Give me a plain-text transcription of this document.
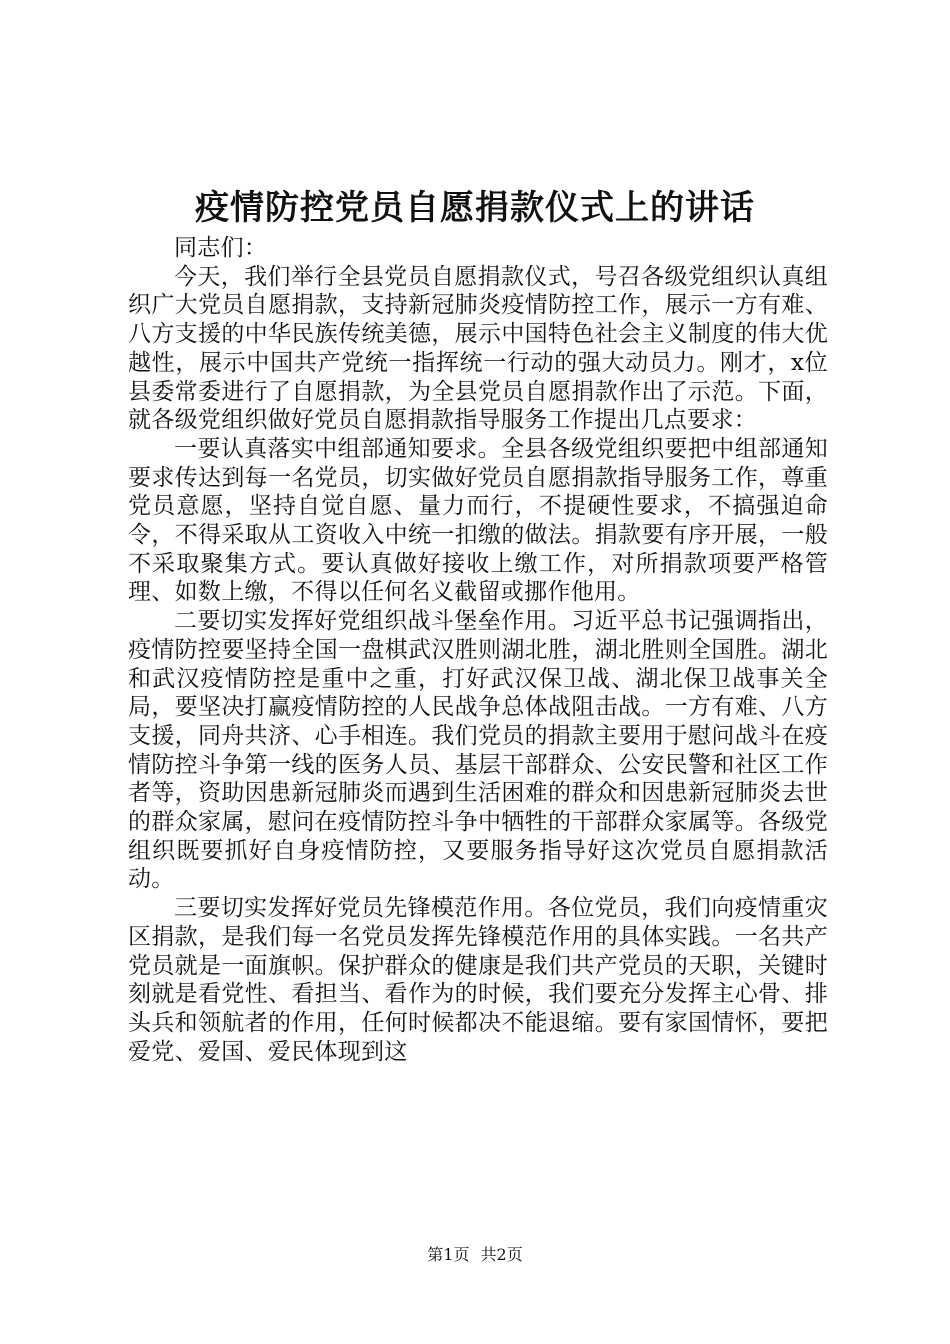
疫情防控党员自愿捐款仪式上的讲话

同志们：

今天，我们举行全县党员自愿捐款仪式，号召各级党组织认真组织广大党员自愿捐款，支持新冠肺炎疫情防控工作，展示一方有难、八方支援的中华民族传统美德，展示中国特色社会主义制度的伟大优越性，展示中国共产党统一指挥统一行动的强大动员力。刚才，x位县委常委进行了自愿捐款，为全县党员自愿捐款作出了示范。下面，就各级党组织做好党员自愿捐款指导服务工作提出几点要求：

一要认真落实中组部通知要求。全县各级党组织要把中组部通知要求传达到每一名党员，切实做好党员自愿捐款指导服务工作，尊重党员意愿，坚持自觉自愿、量力而行，不提硬性要求，不搞强迫命令，不得采取从工资收入中统一扣缴的做法。捐款要有序开展，一般不采取聚集方式。要认真做好接收上缴工作，对所捐款项要严格管理、如数上缴，不得以任何名义截留或挪作他用。

二要切实发挥好党组织战斗堡垒作用。习近平总书记强调指出，疫情防控要坚持全国一盘棋武汉胜则湖北胜，湖北胜则全国胜。湖北和武汉疫情防控是重中之重，打好武汉保卫战、湖北保卫战事关全局，要坚决打赢疫情防控的人民战争总体战阻击战。一方有难、八方支援，同舟共济、心手相连。我们党员的捐款主要用于慰问战斗在疫情防控斗争第一线的医务人员、基层干部群众、公安民警和社区工作者等，资助因患新冠肺炎而遇到生活困难的群众和因患新冠肺炎去世的群众家属，慰问在疫情防控斗争中牺牲的干部群众家属等。各级党组织既要抓好自身疫情防控，又要服务指导好这次党员自愿捐款活动。

三要切实发挥好党员先锋模范作用。各位党员，我们向疫情重灾区捐款，是我们每一名党员发挥先锋模范作用的具体实践。一名共产党员就是一面旗帜。保护群众的健康是我们共产党员的天职，关键时刻就是看党性、看担当、看作为的时候，我们要充分发挥主心骨、排头兵和领航者的作用，任何时候都决不能退缩。要有家国情怀，要把爱党、爱国、爱民体现到这

第1页 共2页
